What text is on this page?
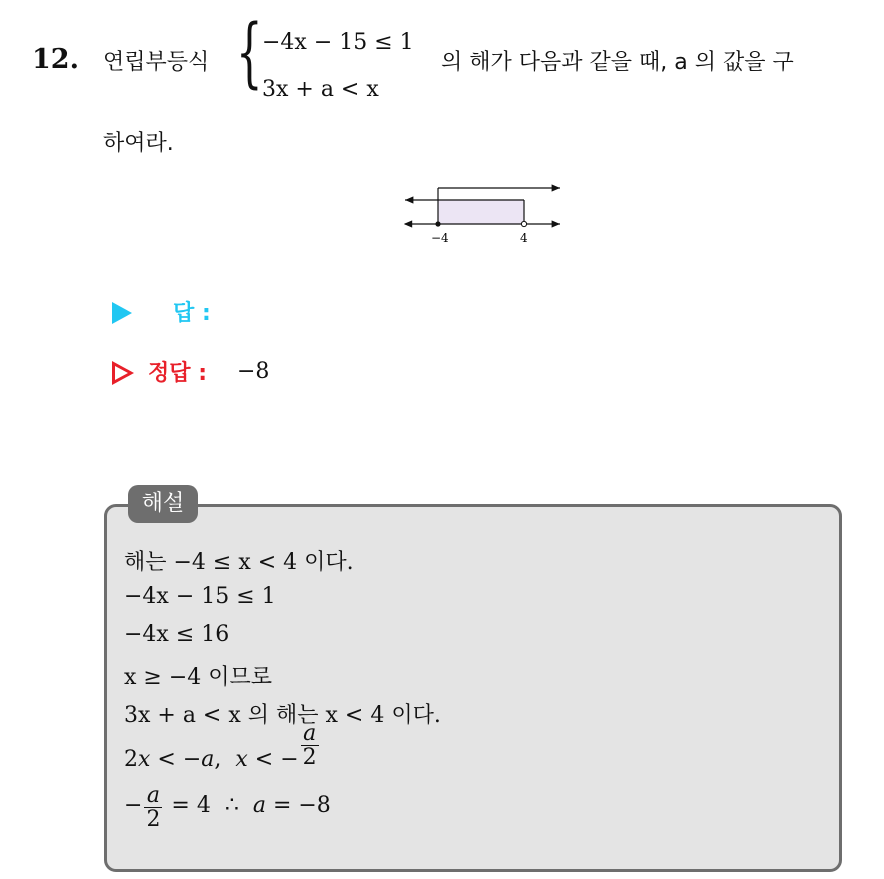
12. 연립부등식 { −4x − 15 ≤ 1
3x + a < x
의 해가 다음과 같을 때, a 의 값을 구
하여라.
−4	4
답 :
정답 : −8
해설
해는 −4 ≤ x < 4 이다.
−4x − 15 ≤ 1
−4x ≤ 16
x ≥ −4 이므로
3x + a < x 의 해는 x < 4 이다.
2x < −a,  x < − $\frac{a}{2}$
− $\frac{a}{2} = 4$  ∴  a = −8
